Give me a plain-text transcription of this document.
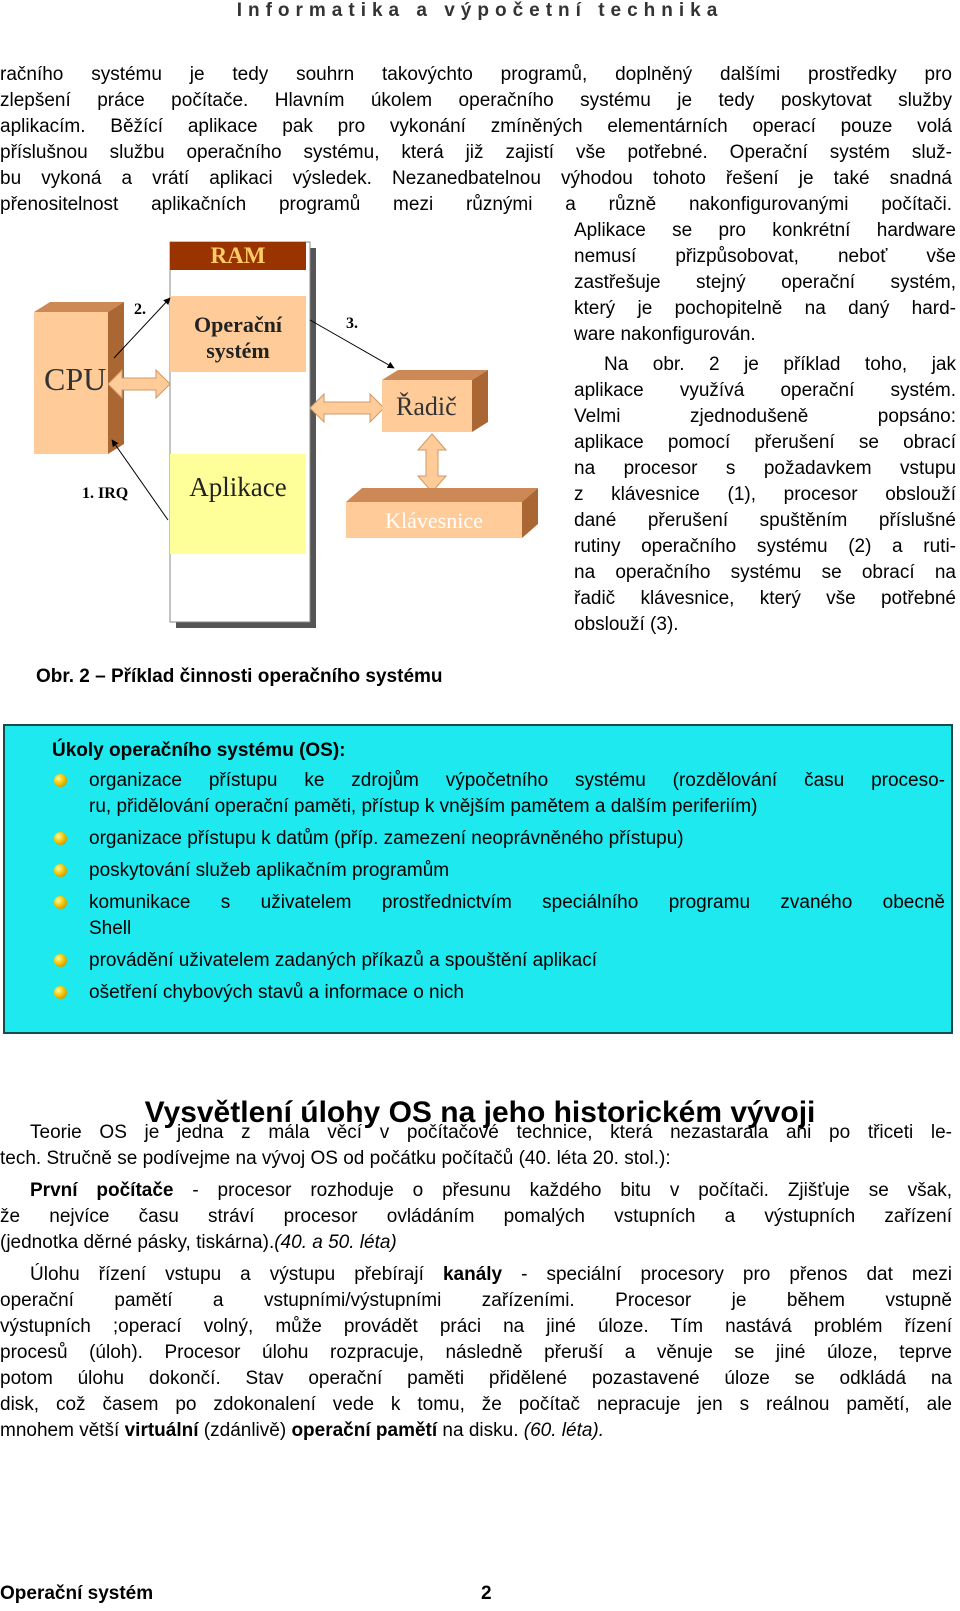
Informatika a výpočetní technika
račního systému je tedy souhrn takovýchto programů, doplněný dalšími prostředky pro
zlepšení práce počítače. Hlavním úkolem operačního systému je tedy poskytovat služby
aplikacím. Běžící aplikace pak pro vykonání zmíněných elementárních operací pouze volá
příslušnou službu operačního systému, která již zajistí vše potřebné. Operační systém služ-
bu vykoná a vrátí aplikaci výsledek. Nezanedbatelnou výhodou tohoto řešení je také snadná
přenositelnost aplikačních programů mezi různými a různě nakonfigurovanými počítači.
RAM
Operační
systém
Aplikace
CPU
Řadič
Klávesnice
2.
3.
1. IRQ
Obr. 2 – Příklad činnosti operačního systému
Aplikace se pro konkrétní hardware
nemusí přizpůsobovat, neboť vše
zastřešuje stejný operační systém,
který je pochopitelně na daný hard-
ware nakonfigurován.
Na obr. 2 je příklad toho, jak
aplikace využívá operační systém.
Velmi zjednodušeně popsáno:
aplikace pomocí přerušení se obrací
na procesor s požadavkem vstupu
z klávesnice (1), procesor obslouží
dané přerušení spuštěním příslušné
rutiny operačního systému (2) a ruti-
na operačního systému se obrací na
řadič klávesnice, který vše potřebné
obslouží (3).
Úkoly operačního systému (OS):
organizace přístupu ke zdrojům výpočetního systému (rozdělování času proceso-
ru, přidělování operační paměti, přístup k vnějším pamětem a dalším periferiím)
organizace přístupu k datům (příp. zamezení neoprávněného přístupu)
poskytování služeb aplikačním programům
komunikace s uživatelem prostřednictvím speciálního programu zvaného obecně
Shell
provádění uživatelem zadaných příkazů a spouštění aplikací
ošetření chybových stavů a informace o nich
Vysvětlení úlohy OS na jeho historickém vývoji
Teorie OS je jedna z mála věcí v počítačové technice, která nezastarala ani po třiceti le-
tech. Stručně se podívejme na vývoj OS od počátku počítačů (40. léta 20. stol.):
První počítače - procesor rozhoduje o přesunu každého bitu v počítači. Zjišťuje se však,
že nejvíce času stráví procesor ovládáním pomalých vstupních a výstupních zařízení
(jednotka děrné pásky, tiskárna).(40. a 50. léta)
Úlohu řízení vstupu a výstupu přebírají kanály - speciální procesory pro přenos dat mezi
operační pamětí a vstupními/výstupními zařízeními. Procesor je během vstupně
výstupních ;operací volný, může provádět práci na jiné úloze. Tím nastává problém řízení
procesů (úloh). Procesor úlohu rozpracuje, následně přeruší a věnuje se jiné úloze, teprve
potom úlohu dokončí. Stav operační paměti přidělené pozastavené úloze se odkládá na
disk, což časem po zdokonalení vede k tomu, že počítač nepracuje jen s reálnou pamětí, ale
mnohem větší virtuální (zdánlivě) operační pamětí na disku. (60. léta).
Operační systém	2
